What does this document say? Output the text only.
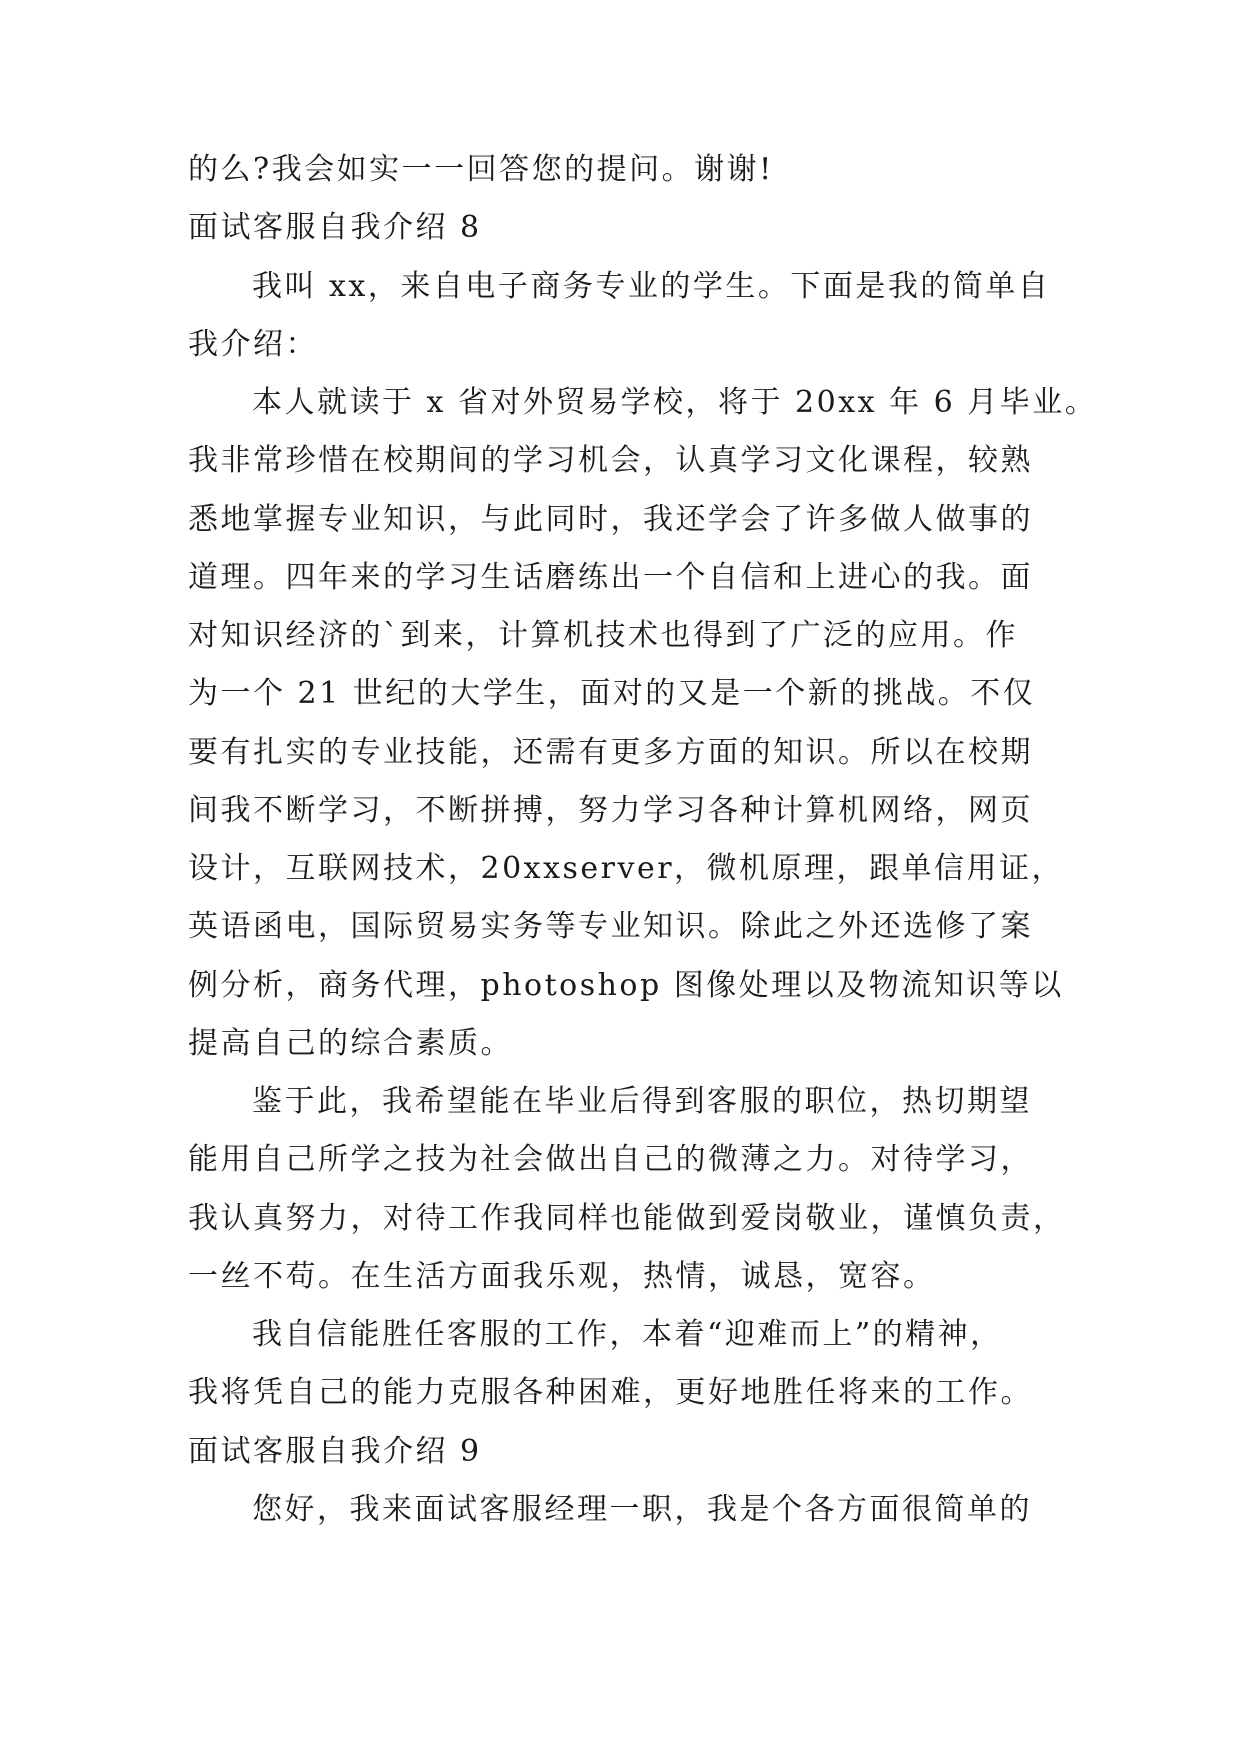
的么?我会如实一一回答您的提问。谢谢!

面试客服自我介绍 8

我叫 xx，来自电子商务专业的学生。下面是我的简单自

我介绍：

本人就读于 x 省对外贸易学校，将于 20xx 年 6 月毕业。

我非常珍惜在校期间的学习机会，认真学习文化课程，较熟

悉地掌握专业知识，与此同时，我还学会了许多做人做事的

道理。四年来的学习生话磨练出一个自信和上进心的我。面

对知识经济的`到来，计算机技术也得到了广泛的应用。作

为一个 21 世纪的大学生，面对的又是一个新的挑战。不仅

要有扎实的专业技能，还需有更多方面的知识。所以在校期

间我不断学习，不断拼搏，努力学习各种计算机网络，网页

设计，互联网技术，20xxserver，微机原理，跟单信用证，

英语函电，国际贸易实务等专业知识。除此之外还选修了案

例分析，商务代理，photoshop 图像处理以及物流知识等以

提高自己的综合素质。

鉴于此，我希望能在毕业后得到客服的职位，热切期望

能用自己所学之技为社会做出自己的微薄之力。对待学习，

我认真努力，对待工作我同样也能做到爱岗敬业，谨慎负责，

一丝不苟。在生活方面我乐观，热情，诚恳，宽容。

我自信能胜任客服的工作，本着“迎难而上”的精神，

我将凭自己的能力克服各种困难，更好地胜任将来的工作。

面试客服自我介绍 9

您好，我来面试客服经理一职，我是个各方面很简单的
